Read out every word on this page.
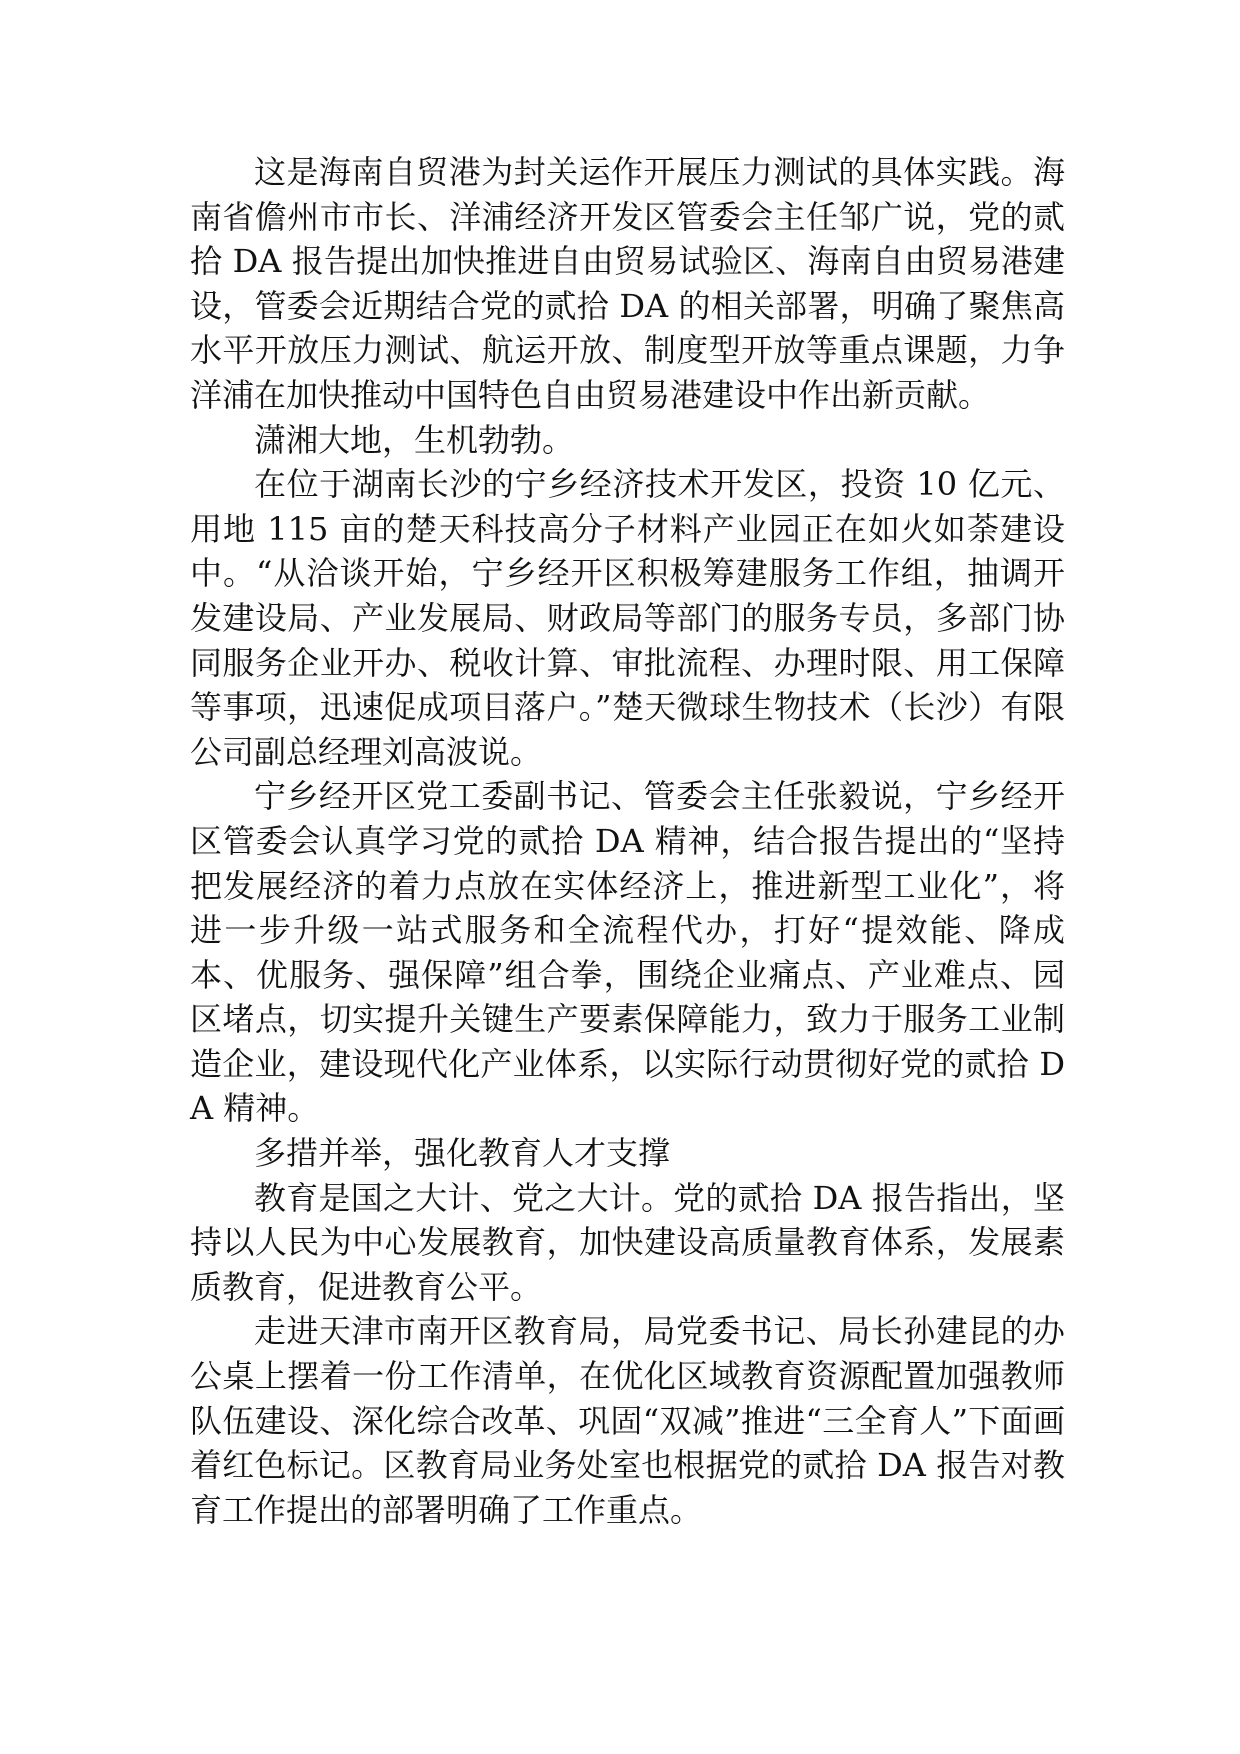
这是海南自贸港为封关运作开展压力测试的具体实践。海南省儋州市市长、洋浦经济开发区管委会主任邹广说，党的贰拾 DA 报告提出加快推进自由贸易试验区、海南自由贸易港建设，管委会近期结合党的贰拾 DA 的相关部署，明确了聚焦高水平开放压力测试、航运开放、制度型开放等重点课题，力争洋浦在加快推动中国特色自由贸易港建设中作出新贡献。

潇湘大地，生机勃勃。

在位于湖南长沙的宁乡经济技术开发区，投资 10 亿元、用地 115 亩的楚天科技高分子材料产业园正在如火如荼建设中。“从洽谈开始，宁乡经开区积极筹建服务工作组，抽调开发建设局、产业发展局、财政局等部门的服务专员，多部门协同服务企业开办、税收计算、审批流程、办理时限、用工保障等事项，迅速促成项目落户。”楚天微球生物技术（长沙）有限公司副总经理刘高波说。

宁乡经开区党工委副书记、管委会主任张毅说，宁乡经开区管委会认真学习党的贰拾 DA 精神，结合报告提出的“坚持把发展经济的着力点放在实体经济上，推进新型工业化”，将进一步升级一站式服务和全流程代办，打好“提效能、降成本、优服务、强保障”组合拳，围绕企业痛点、产业难点、园区堵点，切实提升关键生产要素保障能力，致力于服务工业制造企业，建设现代化产业体系，以实际行动贯彻好党的贰拾 DA 精神。

多措并举，强化教育人才支撑

教育是国之大计、党之大计。党的贰拾 DA 报告指出，坚持以人民为中心发展教育，加快建设高质量教育体系，发展素质教育，促进教育公平。

走进天津市南开区教育局，局党委书记、局长孙建昆的办公桌上摆着一份工作清单，在优化区域教育资源配置加强教师队伍建设、深化综合改革、巩固“双减”推进“三全育人”下面画着红色标记。区教育局业务处室也根据党的贰拾 DA 报告对教育工作提出的部署明确了工作重点。
